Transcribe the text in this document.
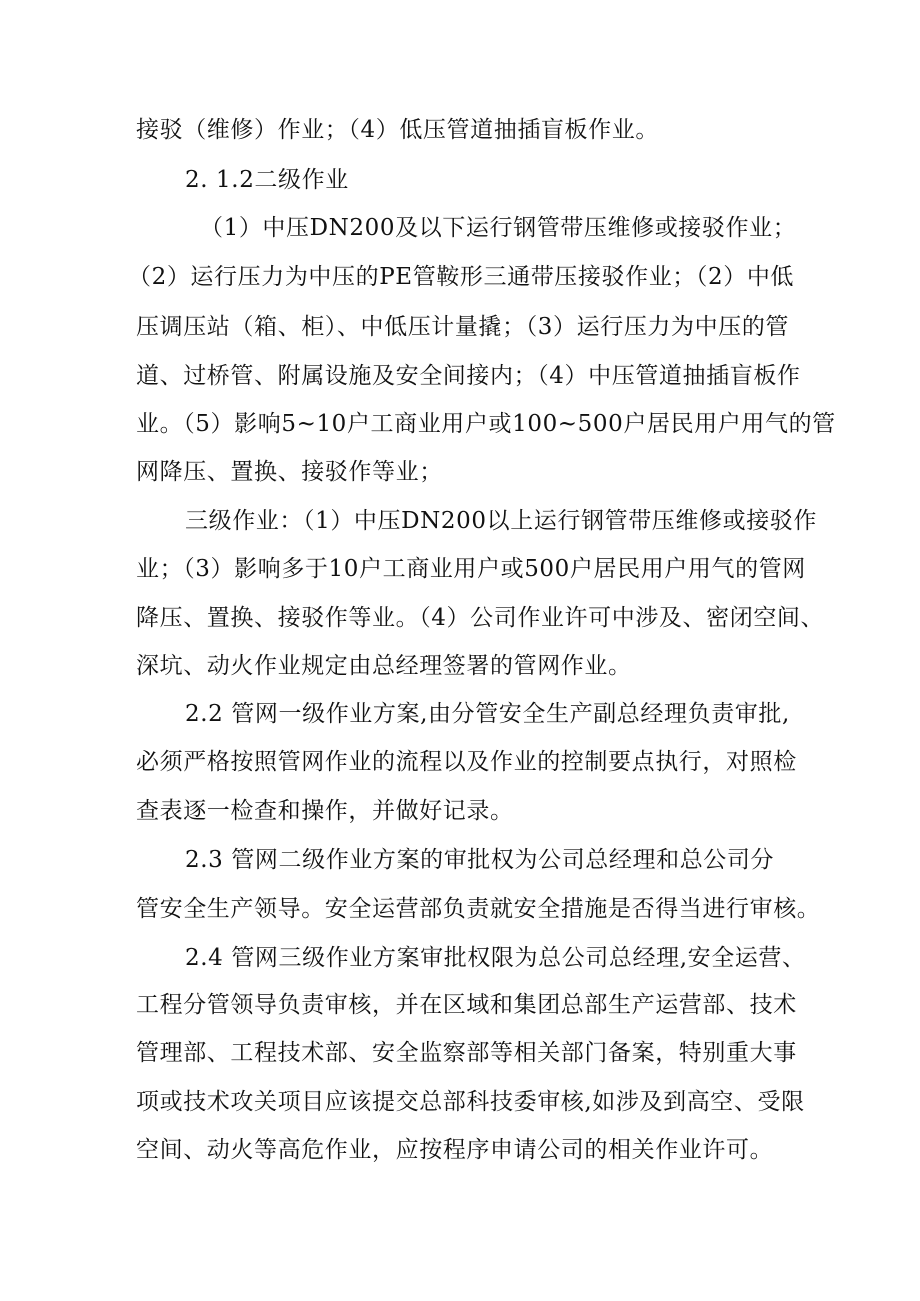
接驳（维修）作业；（4）低压管道抽插盲板作业。
2. 1.2二级作业
（1）中压DN200及以下运行钢管带压维修或接驳作业；
（2）运行压力为中压的PE管鞍形三通带压接驳作业；（2）中低
压调压站（箱、柜）、中低压计量撬；（3）运行压力为中压的管
道、过桥管、附属设施及安全间接内；（4）中压管道抽插盲板作
业。（5）影响5~10户工商业用户或100~500户居民用户用气的管
网降压、置换、接驳作等业；
三级作业：（1）中压DN200以上运行钢管带压维修或接驳作
业；（3）影响多于10户工商业用户或500户居民用户用气的管网
降压、置换、接驳作等业。（4）公司作业许可中涉及、密闭空间、
深坑、动火作业规定由总经理签署的管网作业。
2.2 管网一级作业方案,由分管安全生产副总经理负责审批,
必须严格按照管网作业的流程以及作业的控制要点执行，对照检
查表逐一检查和操作，并做好记录。
2.3 管网二级作业方案的审批权为公司总经理和总公司分
管安全生产领导。安全运营部负责就安全措施是否得当进行审核。
2.4 管网三级作业方案审批权限为总公司总经理,安全运营、
工程分管领导负责审核，并在区域和集团总部生产运营部、技术
管理部、工程技术部、安全监察部等相关部门备案，特别重大事
项或技术攻关项目应该提交总部科技委审核,如涉及到高空、受限
空间、动火等高危作业，应按程序申请公司的相关作业许可。
